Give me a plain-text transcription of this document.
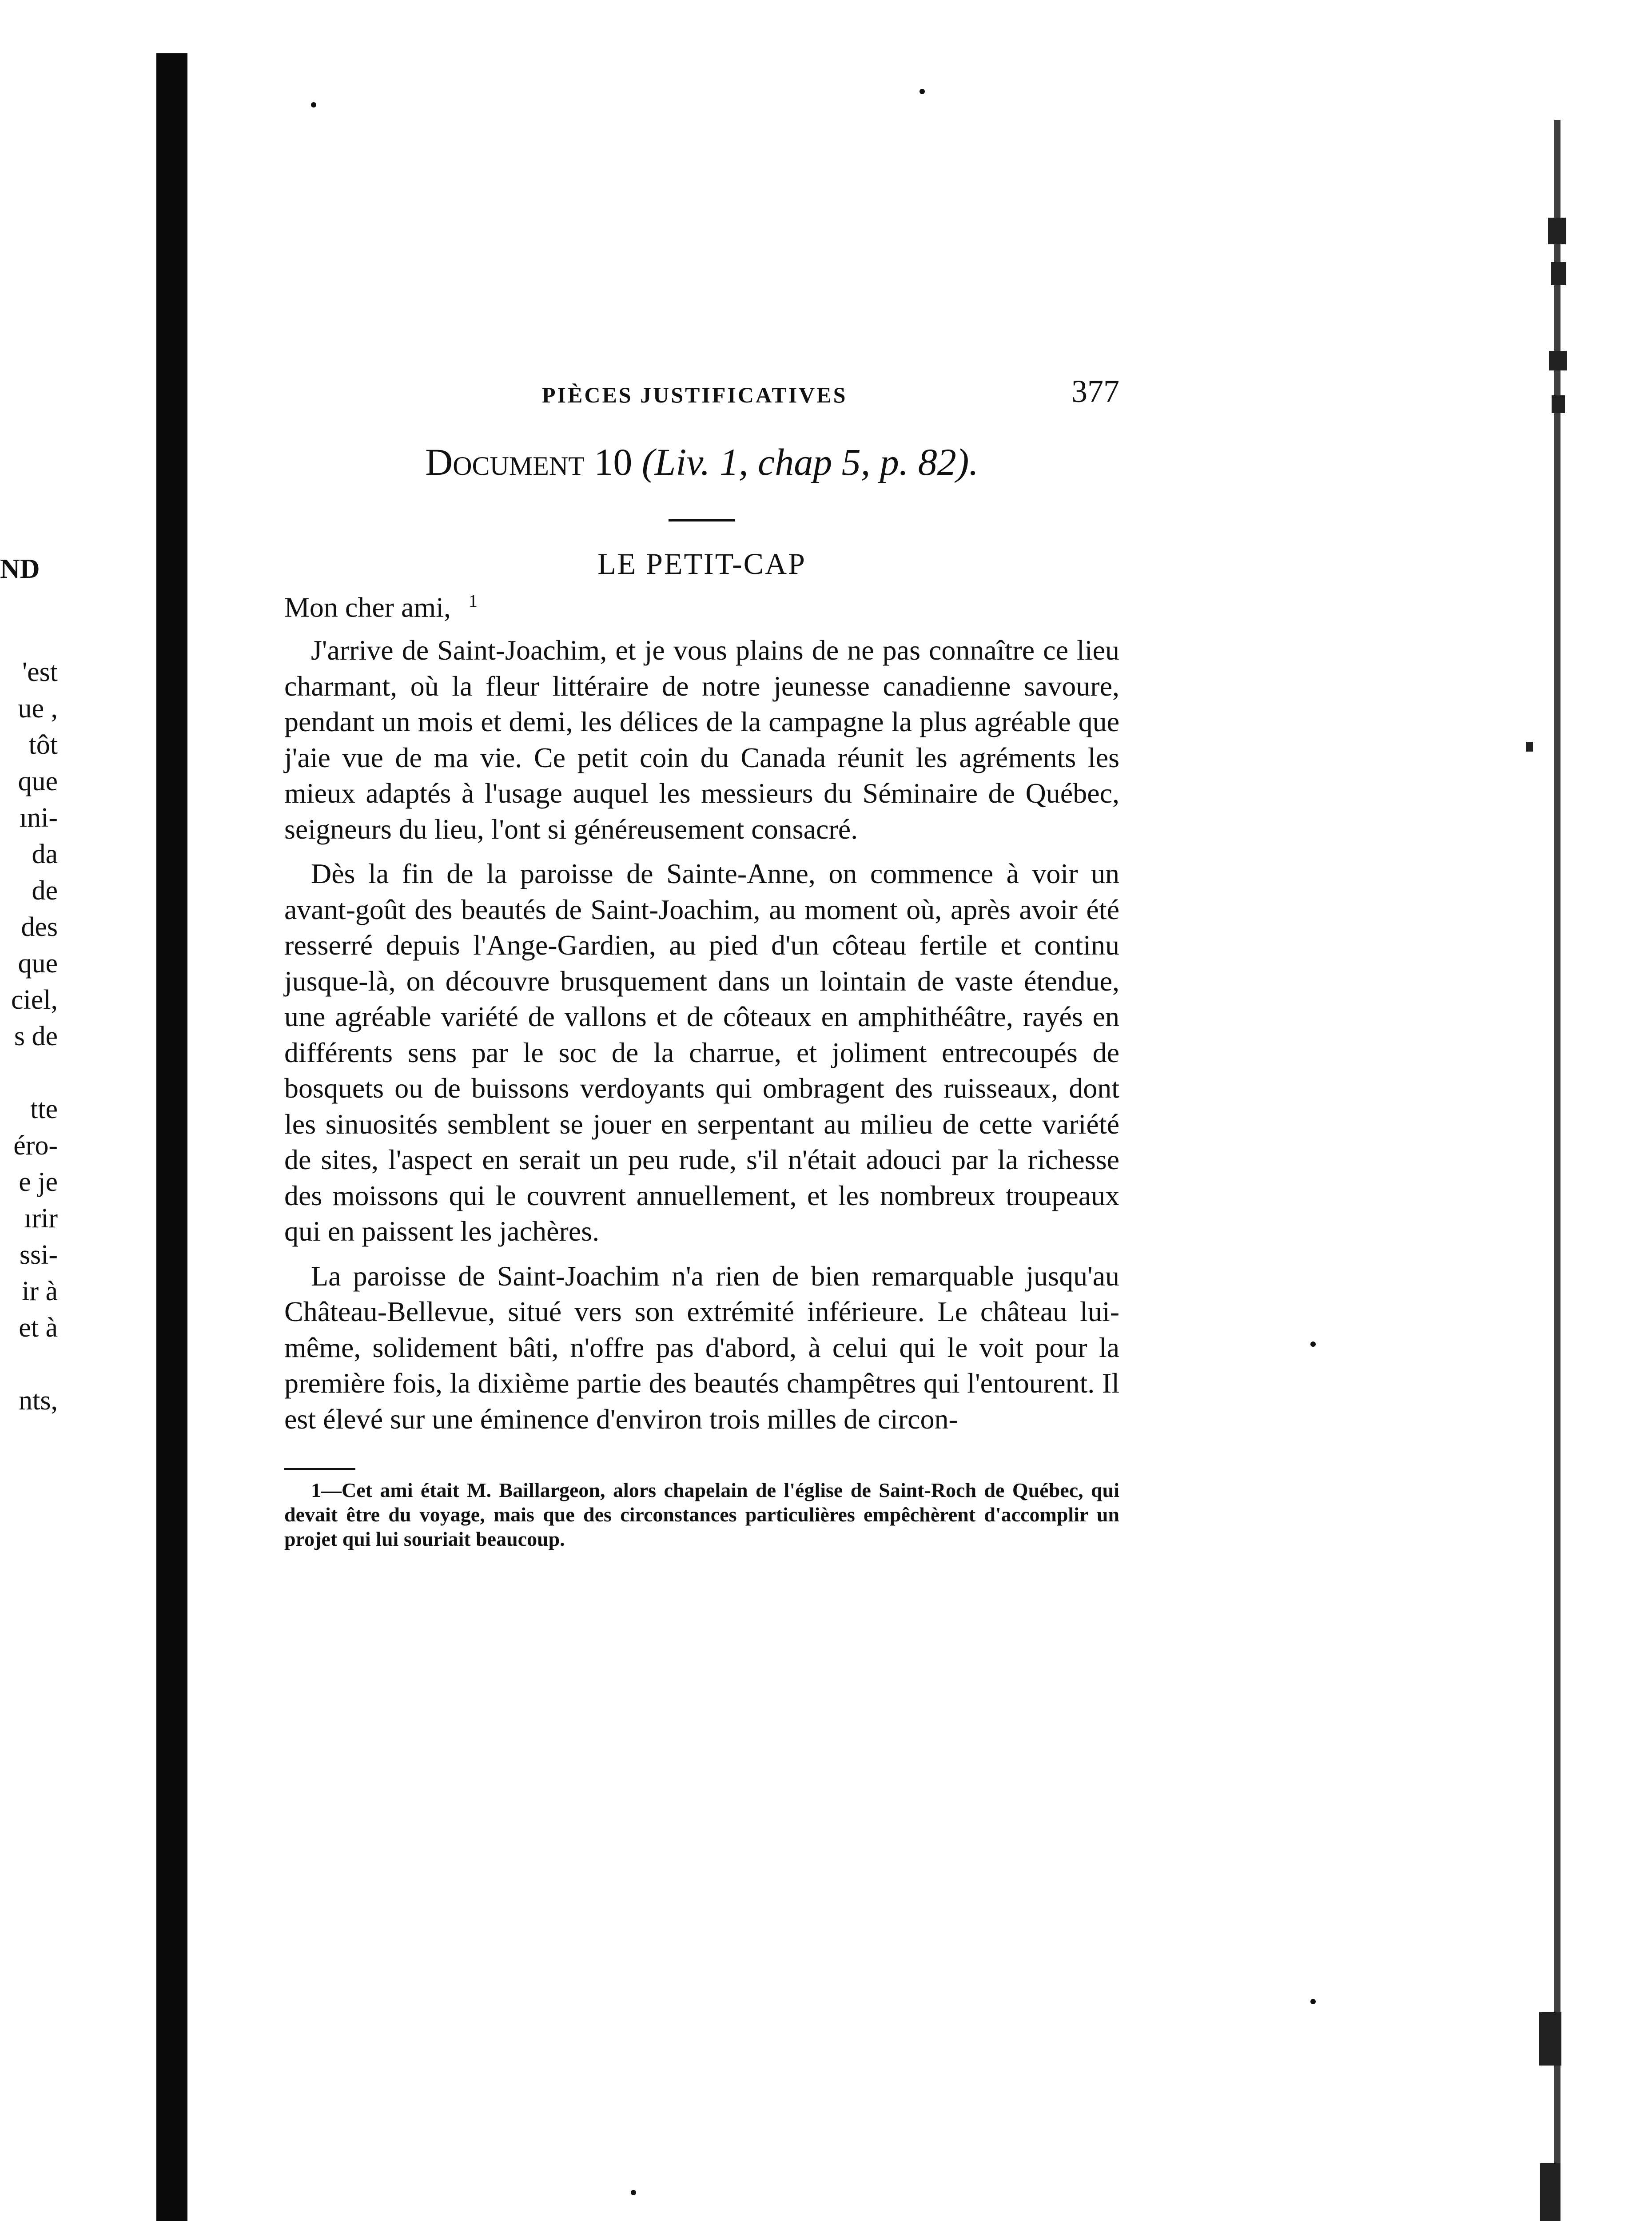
ND
'est
ue ,
tôt
que
ıni-
da
de
des
que
ciel,
s de
tte
éro-
e je
ırir
ssi-
ir à
et à
nts,
PIÈCES JUSTIFICATIVES	377
Document 10 (Liv. 1, chap 5, p. 82).
LE PETIT-CAP
Mon cher ami, $^1$

J'arrive de Saint-Joachim, et je vous plains de ne pas connaître ce lieu charmant, où la fleur littéraire de notre jeunesse canadienne savoure, pendant un mois et demi, les délices de la campagne la plus agréable que j'aie vue de ma vie. Ce petit coin du Canada réunit les agréments les mieux adaptés à l'usage auquel les messieurs du Séminaire de Québec, seigneurs du lieu, l'ont si généreusement consacré.

Dès la fin de la paroisse de Sainte-Anne, on commence à voir un avant-goût des beautés de Saint-Joachim, au moment où, après avoir été resserré depuis l'Ange-Gardien, au pied d'un côteau fertile et continu jusque-là, on découvre brusquement dans un lointain de vaste étendue, une agréable variété de vallons et de côteaux en amphithéâtre, rayés en différents sens par le soc de la charrue, et joliment entrecoupés de bosquets ou de buissons verdoyants qui ombragent des ruisseaux, dont les sinuosités semblent se jouer en serpentant au milieu de cette variété de sites, l'aspect en serait un peu rude, s'il n'était adouci par la richesse des moissons qui le couvrent annuellement, et les nombreux troupeaux qui en paissent les jachères.

La paroisse de Saint-Joachim n'a rien de bien remarquable jusqu'au Château-Bellevue, situé vers son extrémité inférieure. Le château lui-même, solidement bâti, n'offre pas d'abord, à celui qui le voit pour la première fois, la dixième partie des beautés champêtres qui l'entourent. Il est élevé sur une éminence d'environ trois milles de circon-

1—Cet ami était M. Baillargeon, alors chapelain de l'église de Saint-Roch de Québec, qui devait être du voyage, mais que des circonstances particulières empêchèrent d'accomplir un projet qui lui souriait beaucoup.
